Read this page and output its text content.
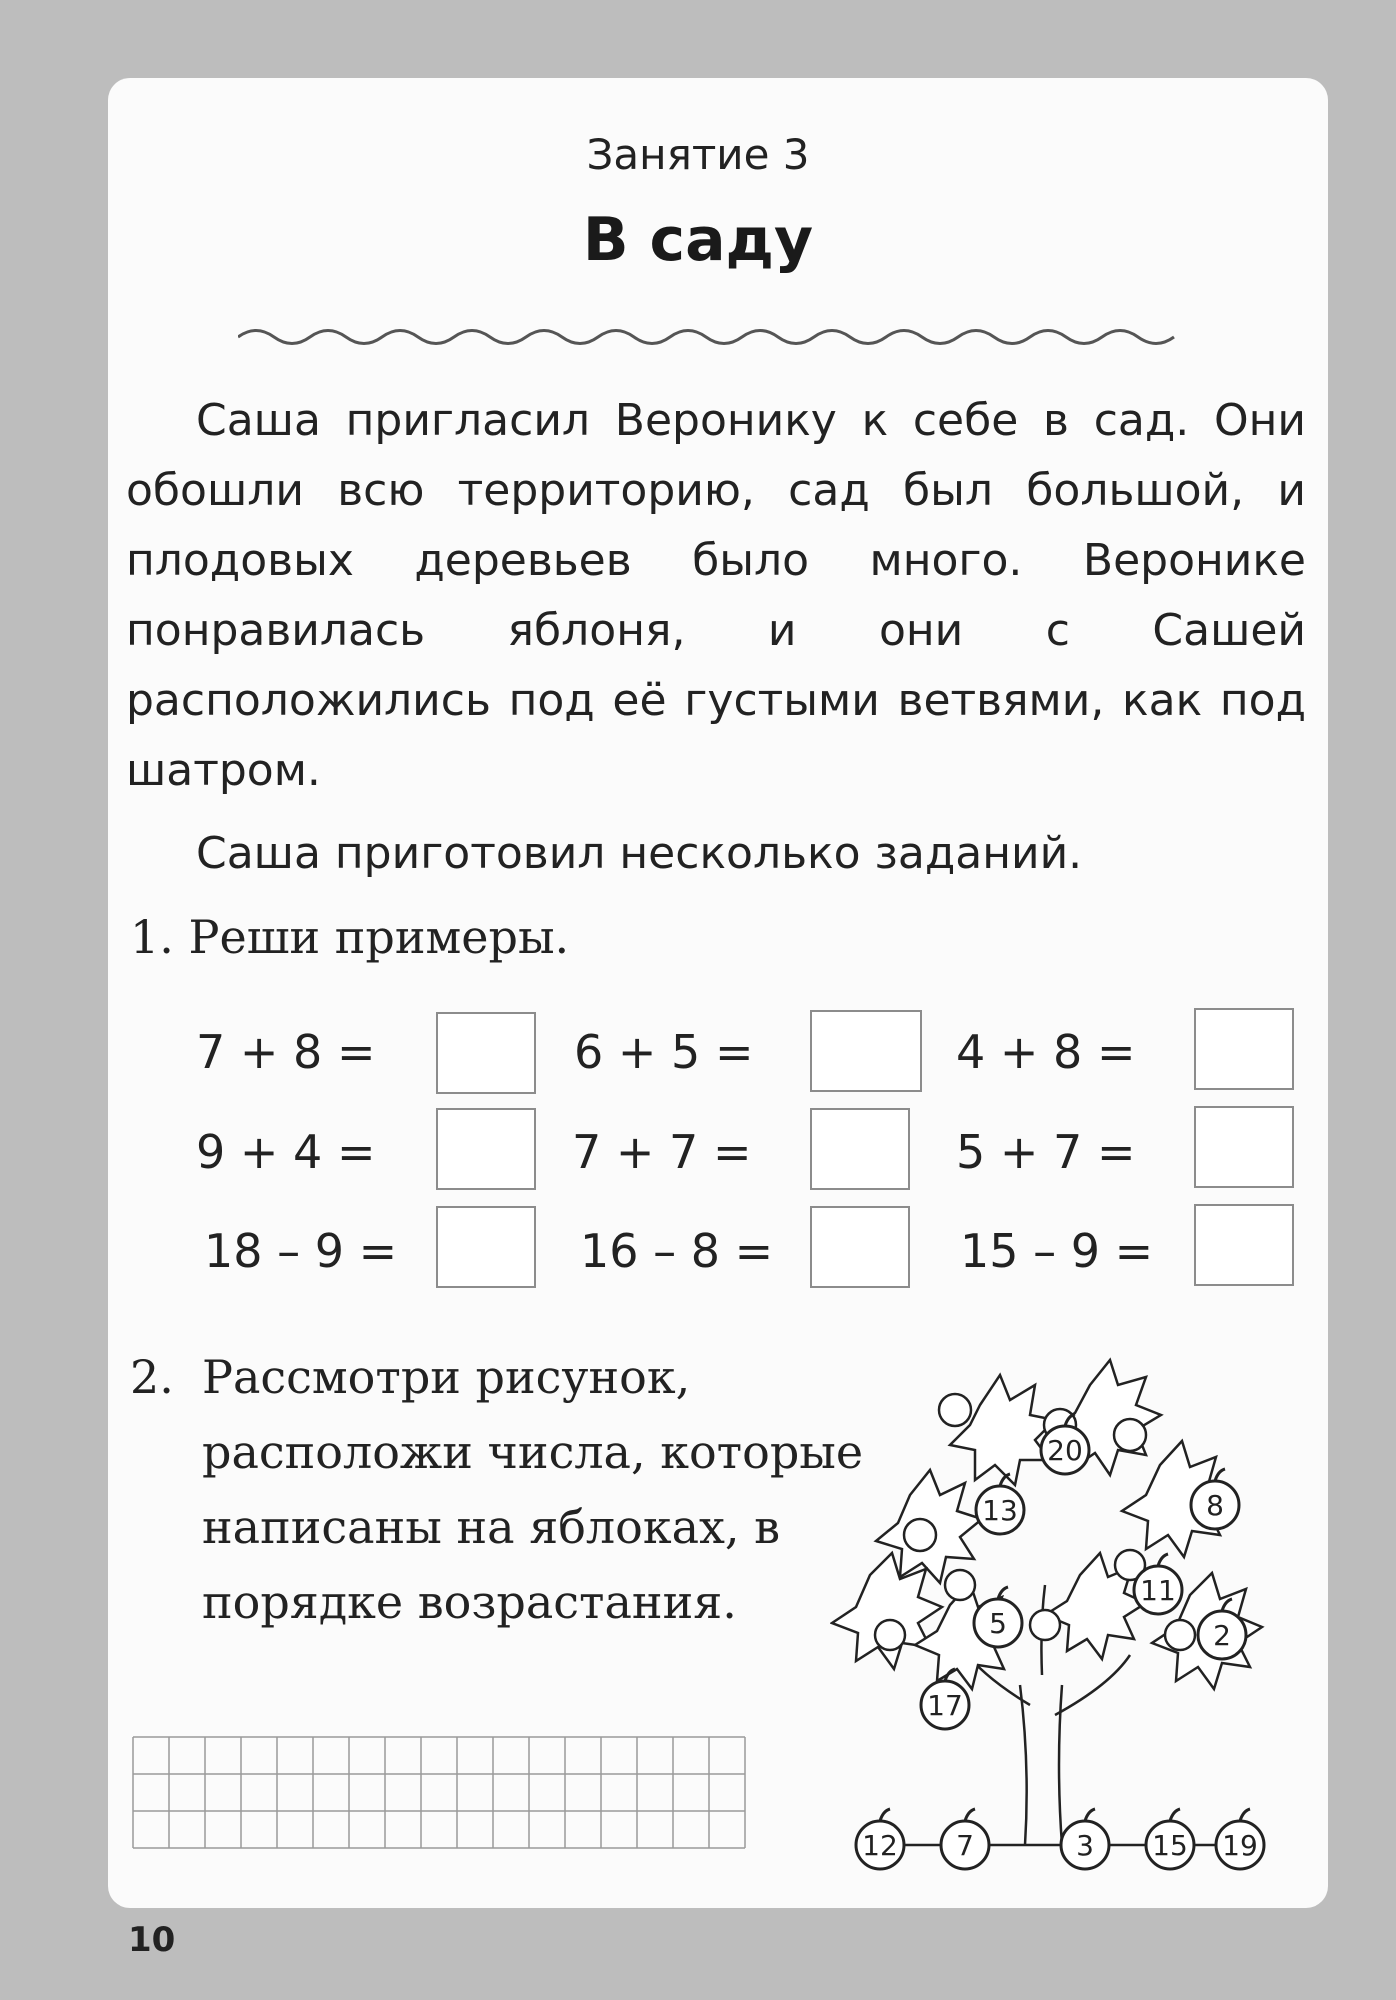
Занятие 3
В саду

Саша пригласил Веронику к себе в сад. Они обошли всю территорию, сад был большой, и плодовых деревьев было много. Веронике понравилась яблоня, и они с Сашей расположились под её густыми ветвями, как под шатром.

Саша приготовил несколько заданий.
1. Реши примеры.
7 + 8 =	6 + 5 =	4 + 8 =
9 + 4 =	7 + 7 =	5 + 7 =
18 – 9 =	16 – 8 =	15 – 9 =
2. Рассмотри рисунок, расположи числа, которые написаны на яблоках, в порядке возрастания.
20
13	8
11
5	2
17
12 7	3 15 19
10
